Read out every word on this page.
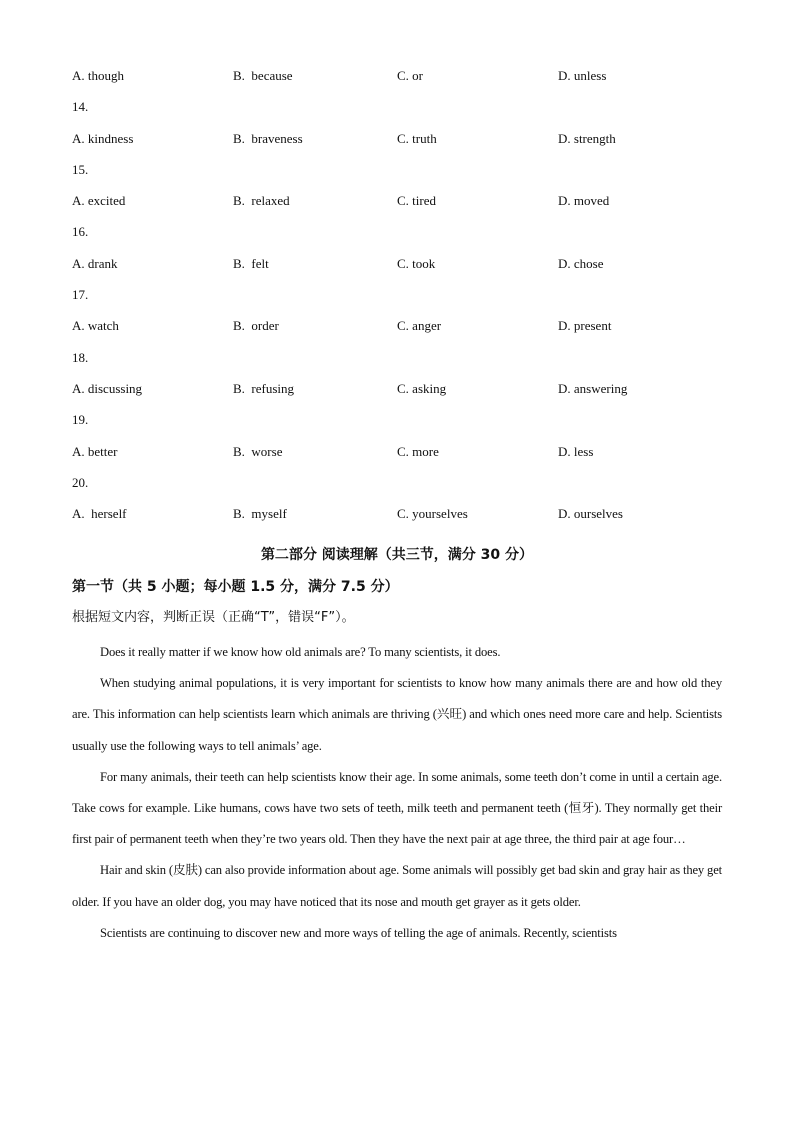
A. though	B.  because	C. or	D. unless
14.
A. kindness	B.  braveness	C. truth	D. strength
15.
A. excited	B.  relaxed	C. tired	D. moved
16.
A. drank	B.  felt	C. took	D. chose
17.
A. watch	B.  order	C. anger	D. present
18.
A. discussing	B.  refusing	C. asking	D. answering
19.
A. better	B.  worse	C. more	D. less
20.
A.  herself	B.  myself	C. yourselves	D. ourselves
第二部分 阅读理解（共三节，满分 30 分）
第一节（共 5 小题；每小题 1.5 分，满分 7.5 分）
根据短文内容，判断正误（正确“T”，错误“F”）。

Does it really matter if we know how old animals are? To many scientists, it does.

When studying animal populations, it is very important for scientists to know how many animals there are and how old they are. This information can help scientists learn which animals are thriving (兴旺) and which ones need more care and help. Scientists usually use the following ways to tell animals’ age.

For many animals, their teeth can help scientists know their age. In some animals, some teeth don’t come in until a certain age. Take cows for example. Like humans, cows have two sets of teeth, milk teeth and permanent teeth (恒牙). They normally get their first pair of permanent teeth when they’re two years old. Then they have the next pair at age three, the third pair at age four…

Hair and skin (皮肤) can also provide information about age. Some animals will possibly get bad skin and gray hair as they get older. If you have an older dog, you may have noticed that its nose and mouth get grayer as it gets older.

Scientists are continuing to discover new and more ways of telling the age of animals. Recently, scientists
